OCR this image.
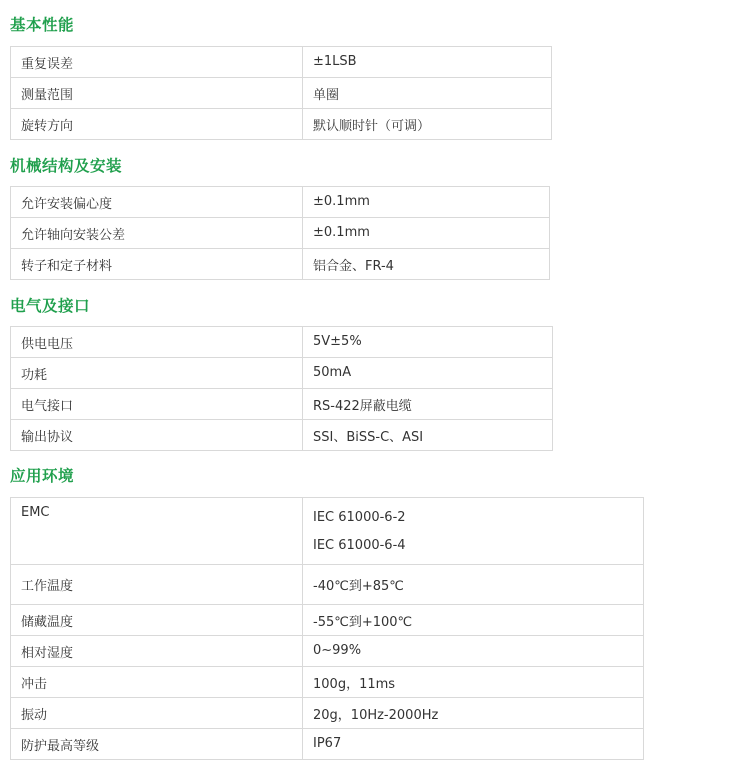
基本性能
重复误差	±1LSB
测量范围	单圈
旋转方向	默认顺时针（可调）
机械结构及安装
允许安装偏心度	±0.1mm
允许轴向安装公差	±0.1mm
转子和定子材料	铝合金、FR-4
电气及接口
供电电压	5V±5%
功耗	50mA
电气接口	RS-422屏蔽电缆
输出协议	SSI、BiSS-C、ASI
应用环境
EMC	IEC 61000-6-2
IEC 61000-6-4

工作温度	-40℃到+85℃
储藏温度	-55℃到+100℃
相对湿度	0~99%
冲击	100g，11ms
振动	20g，10Hz-2000Hz
防护最高等级	IP67
